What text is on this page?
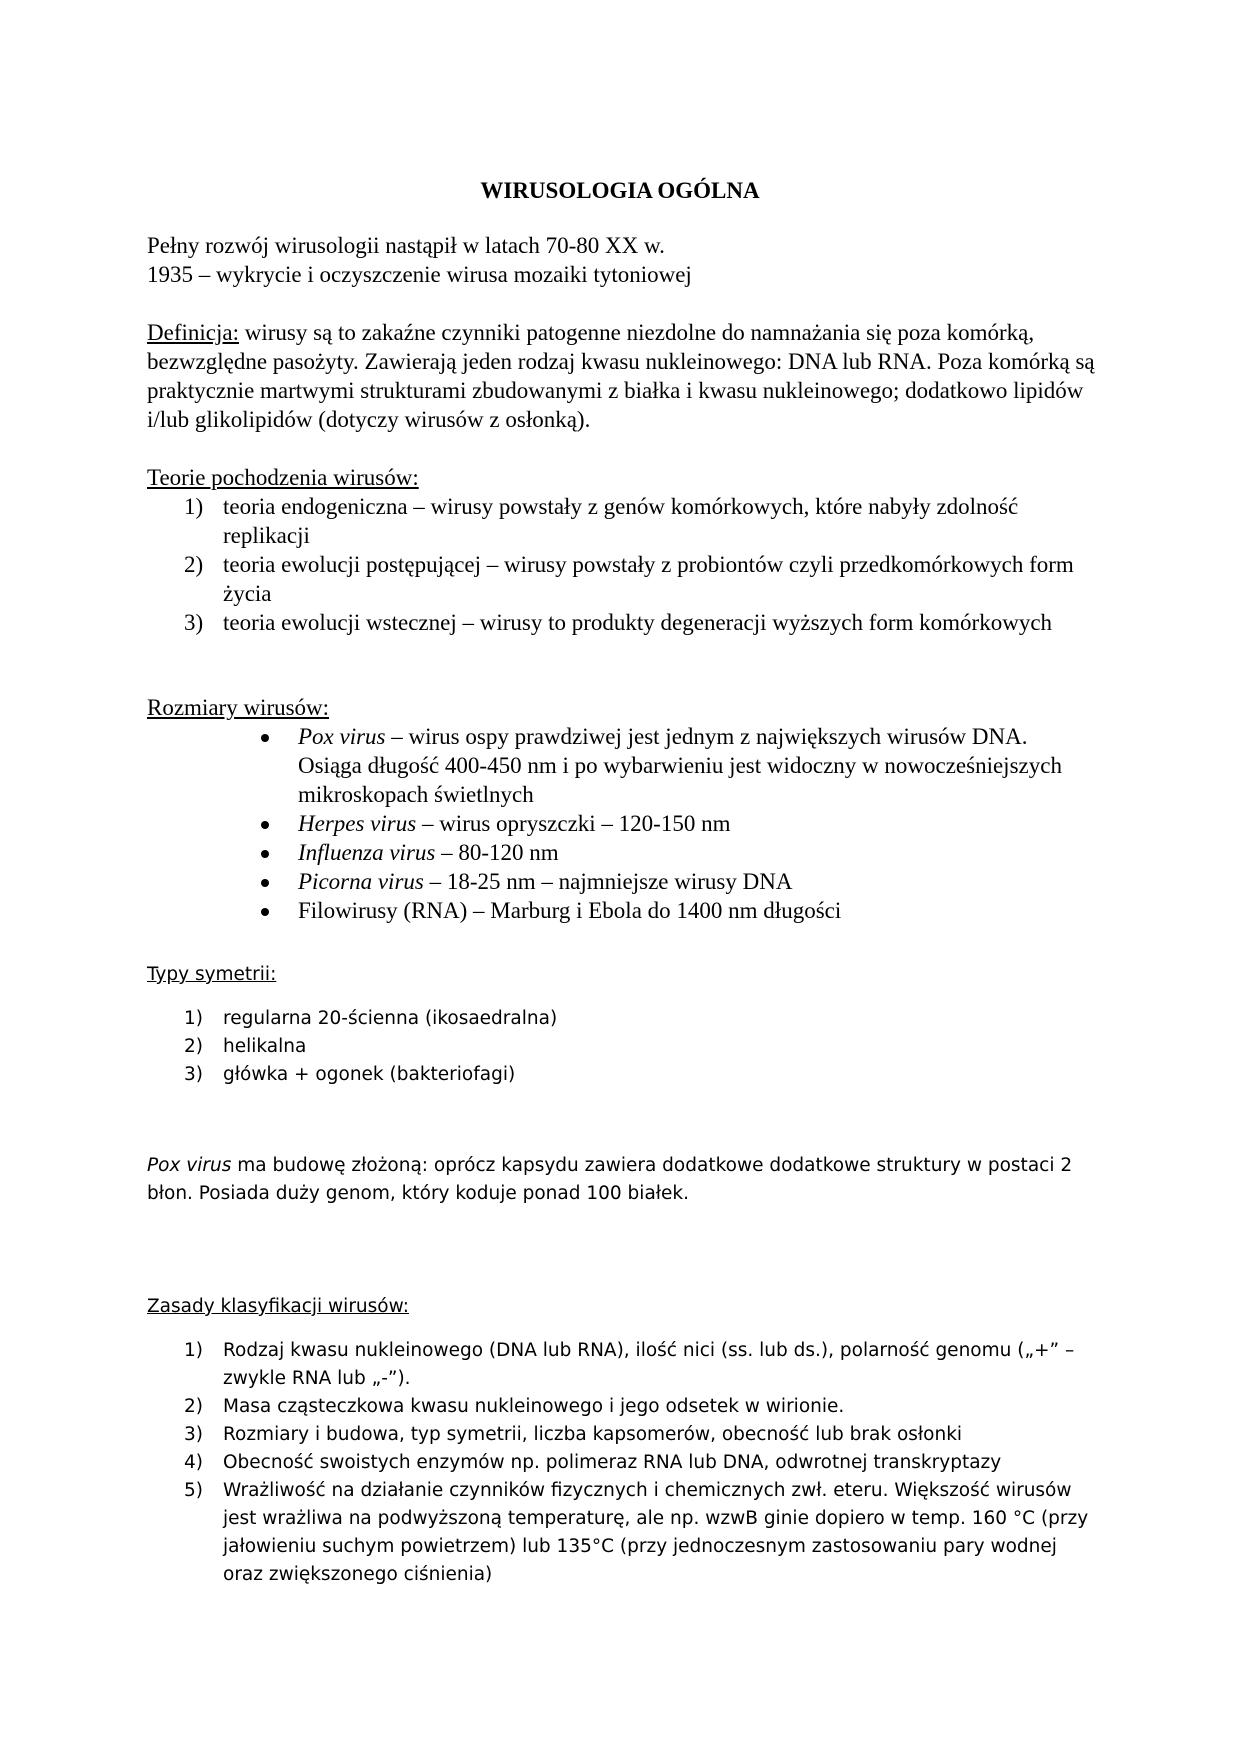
WIRUSOLOGIA OGÓLNA

Pełny rozwój wirusologii nastąpił w latach 70-80 XX w.

1935 – wykrycie i oczyszczenie wirusa mozaiki tytoniowej

Definicja: wirusy są to zakaźne czynniki patogenne niezdolne do namnażania się poza komórką, bezwzględne pasożyty. Zawierają jeden rodzaj kwasu nukleinowego: DNA lub RNA. Poza komórką są praktycznie martwymi strukturami zbudowanymi z białka i kwasu nukleinowego; dodatkowo lipidów i/lub glikolipidów (dotyczy wirusów z osłonką).

Teorie pochodzenia wirusów:

1) teoria endogeniczna – wirusy powstały z genów komórkowych, które nabyły zdolność replikacji
2) teoria ewolucji postępującej – wirusy powstały z probiontów czyli przedkomórkowych form życia
3) teoria ewolucji wstecznej – wirusy to produkty degeneracji wyższych form komórkowych

Rozmiary wirusów:

Pox virus – wirus ospy prawdziwej jest jednym z największych wirusów DNA. Osiąga długość 400-450 nm i po wybarwieniu jest widoczny w nowocześniejszych mikroskopach świetlnych
Herpes virus – wirus opryszczki – 120-150 nm
Influenza virus – 80-120 nm
Picorna virus – 18-25 nm – najmniejsze wirusy DNA
Filowirusy (RNA) – Marburg i Ebola do 1400 nm długości

Typy symetrii:

1) regularna 20-ścienna (ikosaedralna)
2) helikalna
3) główka + ogonek (bakteriofagi)

Pox virus ma budowę złożoną: oprócz kapsydu zawiera dodatkowe dodatkowe struktury w postaci 2 błon. Posiada duży genom, który koduje ponad 100 białek.

Zasady klasyfikacji wirusów:

1) Rodzaj kwasu nukleinowego (DNA lub RNA), ilość nici (ss. lub ds.), polarność genomu („+” – zwykle RNA lub „-”).
2) Masa cząsteczkowa kwasu nukleinowego i jego odsetek w wirionie.
3) Rozmiary i budowa, typ symetrii, liczba kapsomerów, obecność lub brak osłonki
4) Obecność swoistych enzymów np. polimeraz RNA lub DNA, odwrotnej transkryptazy
5) Wrażliwość na działanie czynników fizycznych i chemicznych zwł. eteru. Większość wirusów jest wrażliwa na podwyższoną temperaturę, ale np. wzwB ginie dopiero w temp. 160 °C (przy jałowieniu suchym powietrzem) lub 135°C (przy jednoczesnym zastosowaniu pary wodnej oraz zwiększonego ciśnienia)
